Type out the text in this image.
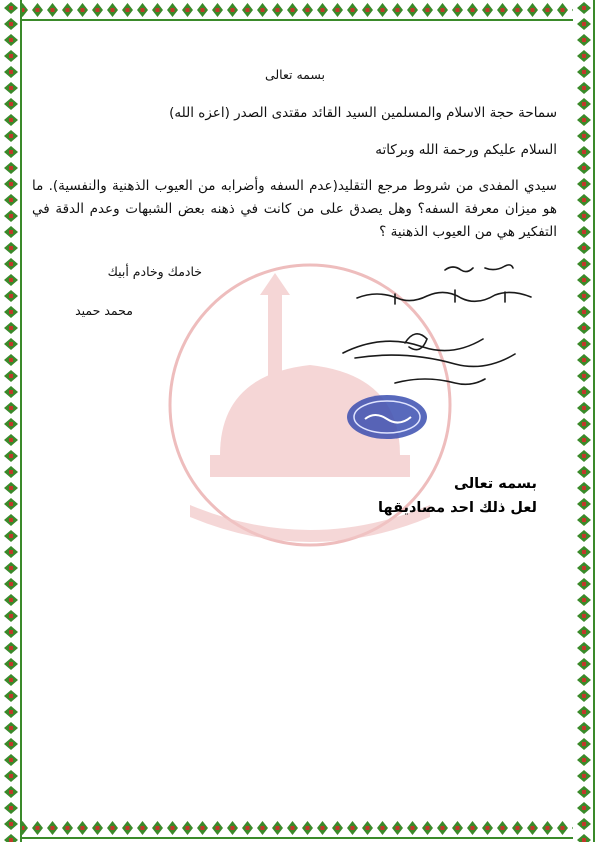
بسمه تعالى
سماحة حجة الاسلام والمسلمين السيد القائد مقتدى الصدر (اعزه الله)
السلام عليكم ورحمة الله وبركاته
سيدي المفدى من شروط مرجع التقليد(عدم السفه وأضرابه من العيوب الذهنية والنفسية). ما هو ميزان معرفة السفه؟ وهل يصدق على من كانت في ذهنه بعض الشبهات وعدم الدقة في التفكير هي من العيوب الذهنية ؟
خادمك وخادم أبيك
محمد حميد
بسمه تعالى
لعل ذلك احد مصاديقها
